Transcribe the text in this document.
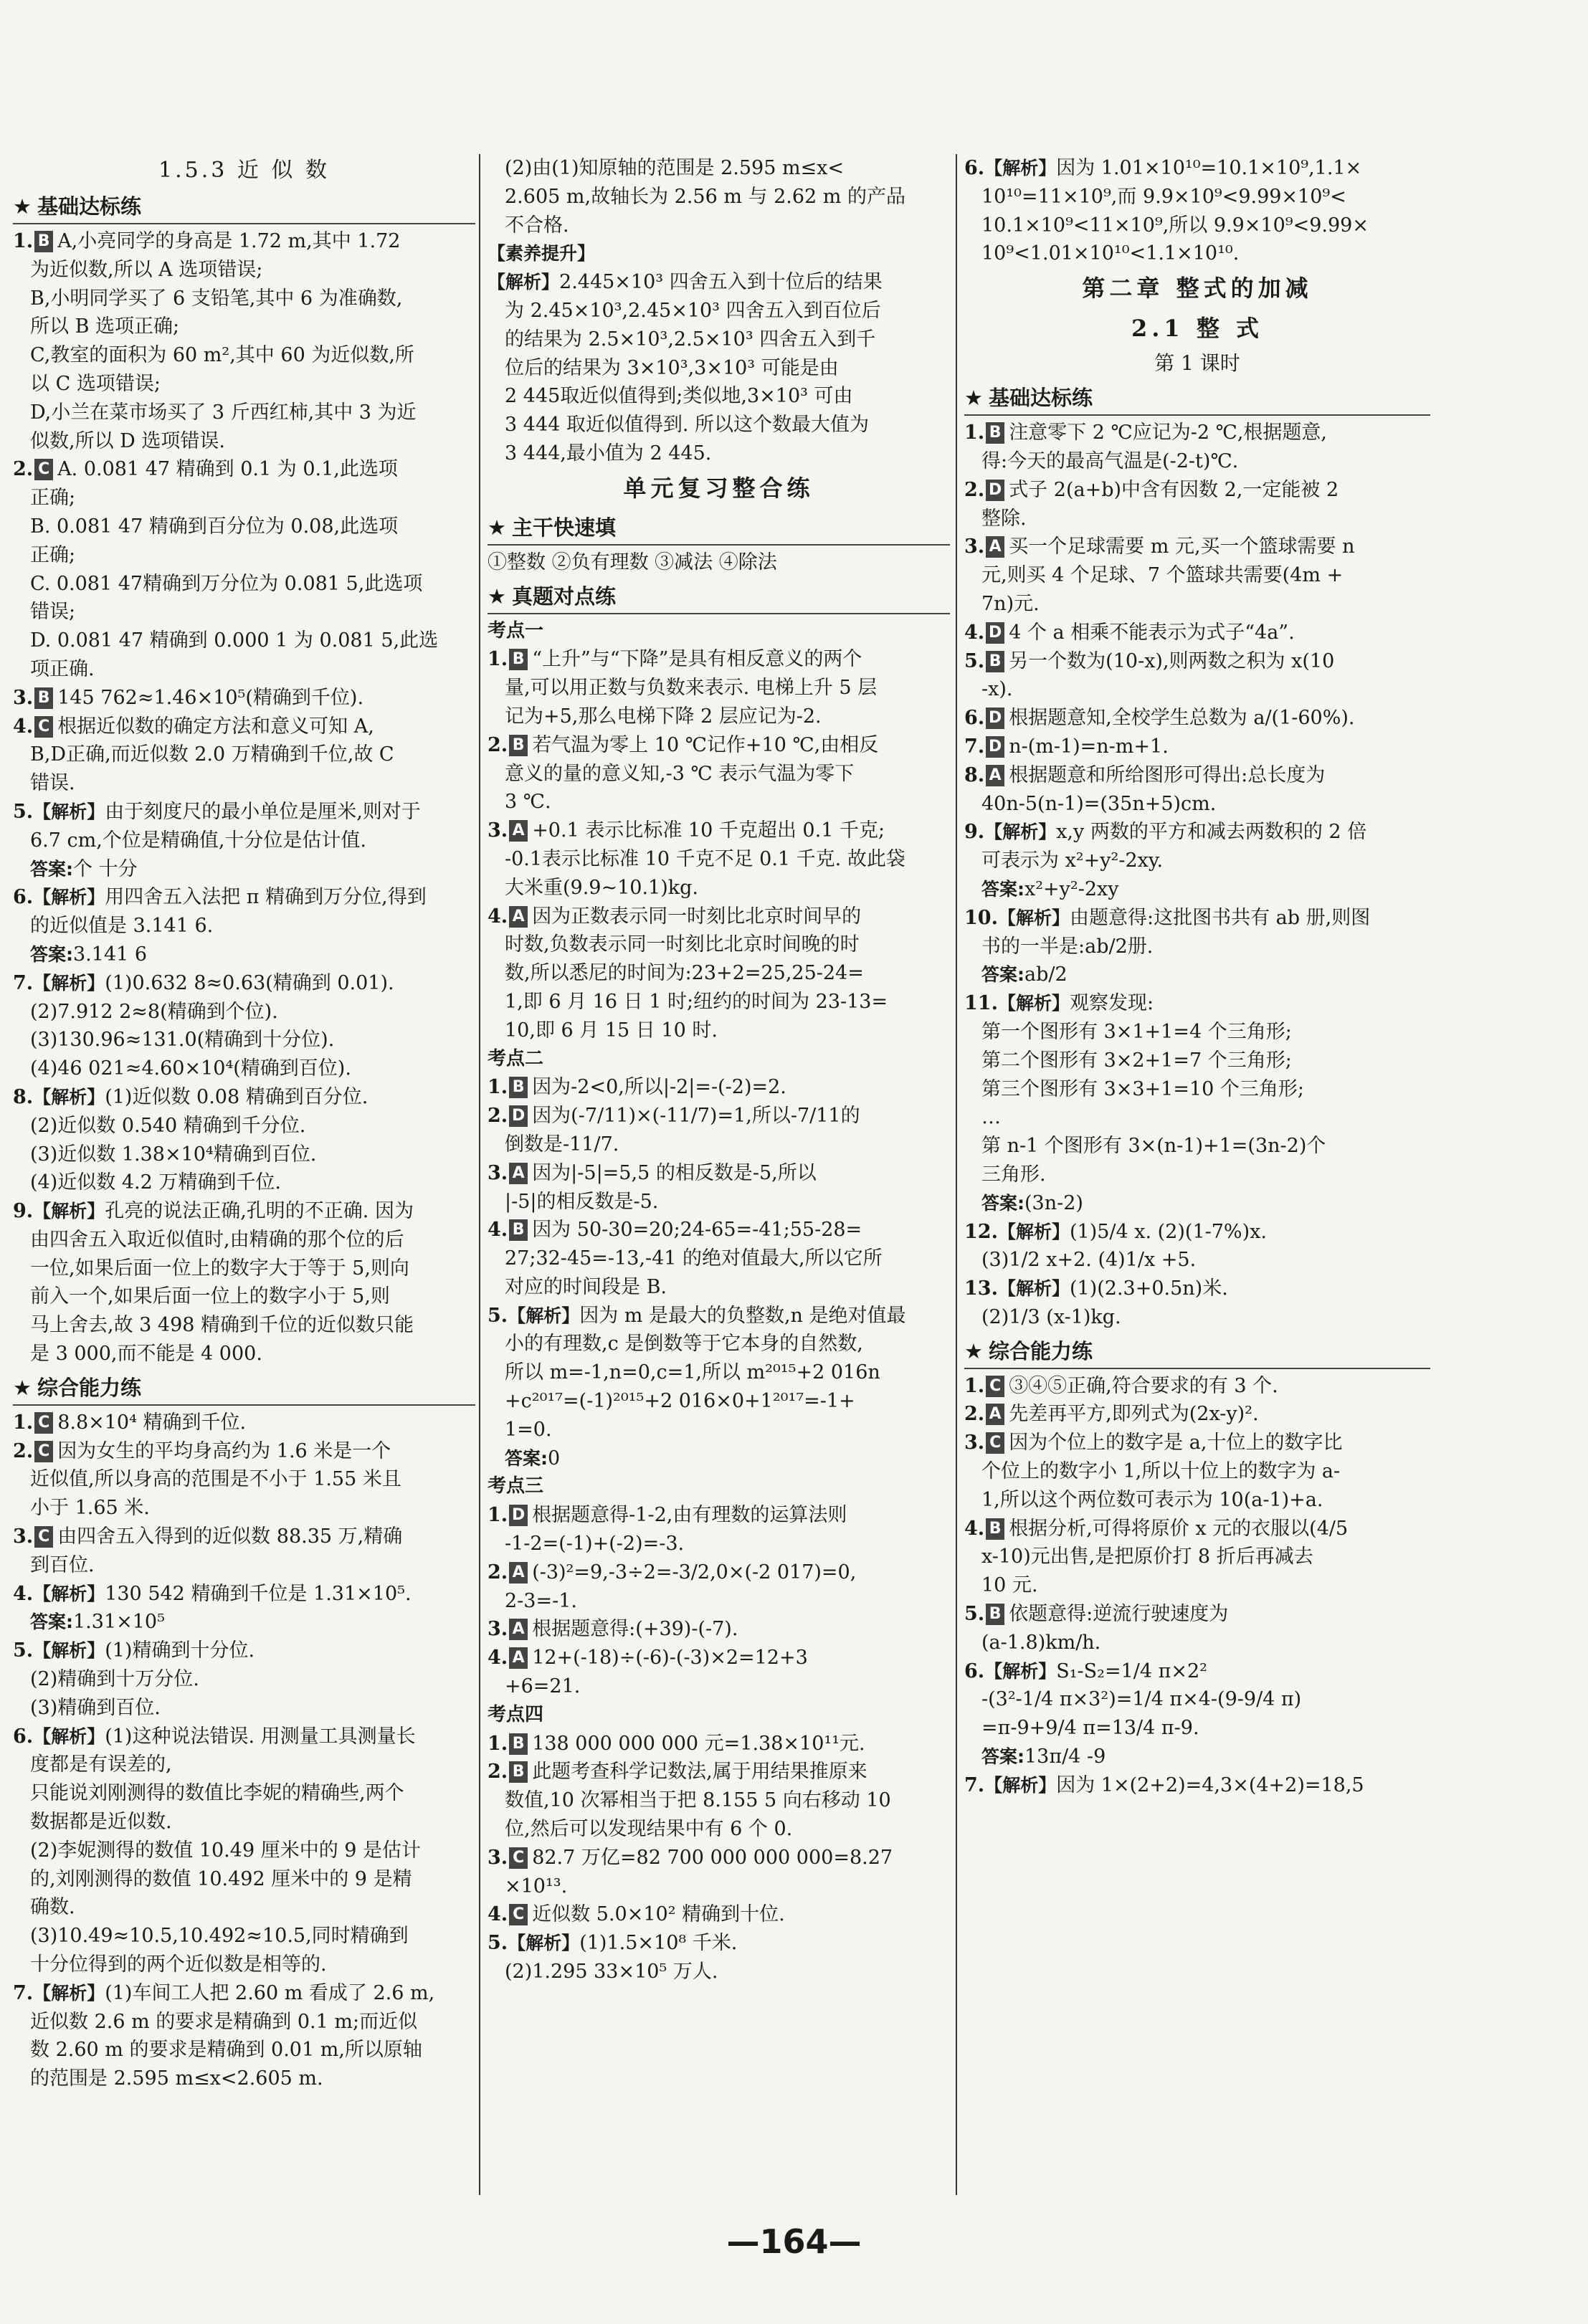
1.5.3 近 似 数
★ 基础达标练
1. B A,小亮同学的身高是 1.72 m,其中 1.72
为近似数,所以 A 选项错误;
B,小明同学买了 6 支铅笔,其中 6 为准确数,
所以 B 选项正确;
C,教室的面积为 60 m²,其中 60 为近似数,所
以 C 选项错误;
D,小兰在菜市场买了 3 斤西红柿,其中 3 为近
似数,所以 D 选项错误.
2. C A. 0.081 47 精确到 0.1 为 0.1,此选项
正确;
B. 0.081 47 精确到百分位为 0.08,此选项
正确;
C. 0.081 47精确到万分位为 0.081 5,此选项
错误;
D. 0.081 47 精确到 0.000 1 为 0.081 5,此选
项正确.
3. B 145 762≈1.46×10⁵(精确到千位).
4. C 根据近似数的确定方法和意义可知 A,
B,D正确,而近似数 2.0 万精确到千位,故 C
错误.
5.【解析】由于刻度尺的最小单位是厘米,则对于
6.7 cm,个位是精确值,十分位是估计值.
答案:个 十分
6.【解析】用四舍五入法把 π 精确到万分位,得到
的近似值是 3.141 6.
答案:3.141 6
7.【解析】(1)0.632 8≈0.63(精确到 0.01).
(2)7.912 2≈8(精确到个位).
(3)130.96≈131.0(精确到十分位).
(4)46 021≈4.60×10⁴(精确到百位).
8.【解析】(1)近似数 0.08 精确到百分位.
(2)近似数 0.540 精确到千分位.
(3)近似数 1.38×10⁴精确到百位.
(4)近似数 4.2 万精确到千位.
9.【解析】孔亮的说法正确,孔明的不正确. 因为
由四舍五入取近似值时,由精确的那个位的后
一位,如果后面一位上的数字大于等于 5,则向
前入一个,如果后面一位上的数字小于 5,则
马上舍去,故 3 498 精确到千位的近似数只能
是 3 000,而不能是 4 000.
★ 综合能力练
1. C 8.8×10⁴ 精确到千位.
2. C 因为女生的平均身高约为 1.6 米是一个
近似值,所以身高的范围是不小于 1.55 米且
小于 1.65 米.
3. C 由四舍五入得到的近似数 88.35 万,精确
到百位.
4.【解析】130 542 精确到千位是 1.31×10⁵.
答案:1.31×10⁵
5.【解析】(1)精确到十分位.
(2)精确到十万分位.
(3)精确到百位.
6.【解析】(1)这种说法错误. 用测量工具测量长
度都是有误差的,
只能说刘刚测得的数值比李妮的精确些,两个
数据都是近似数.
(2)李妮测得的数值 10.49 厘米中的 9 是估计
的,刘刚测得的数值 10.492 厘米中的 9 是精
确数.
(3)10.49≈10.5,10.492≈10.5,同时精确到
十分位得到的两个近似数是相等的.
7.【解析】(1)车间工人把 2.60 m 看成了 2.6 m,
近似数 2.6 m 的要求是精确到 0.1 m;而近似
数 2.60 m 的要求是精确到 0.01 m,所以原轴
的范围是 2.595 m≤x<2.605 m.
(2)由(1)知原轴的范围是 2.595 m≤x<
2.605 m,故轴长为 2.56 m 与 2.62 m 的产品
不合格.
【素养提升】
【解析】2.445×10³ 四舍五入到十位后的结果
为 2.45×10³,2.45×10³ 四舍五入到百位后
的结果为 2.5×10³,2.5×10³ 四舍五入到千
位后的结果为 3×10³,3×10³ 可能是由
2 445取近似值得到;类似地,3×10³ 可由
3 444 取近似值得到. 所以这个数最大值为
3 444,最小值为 2 445.
单元复习整合练
★ 主干快速填
①整数 ②负有理数 ③减法 ④除法
★ 真题对点练
考点一
1. B “上升”与“下降”是具有相反意义的两个
量,可以用正数与负数来表示. 电梯上升 5 层
记为+5,那么电梯下降 2 层应记为-2.
2. B 若气温为零上 10 ℃记作+10 ℃,由相反
意义的量的意义知,-3 ℃ 表示气温为零下
3 ℃.
3. A +0.1 表示比标准 10 千克超出 0.1 千克;
-0.1表示比标准 10 千克不足 0.1 千克. 故此袋
大米重(9.9~10.1)kg.
4. A 因为正数表示同一时刻比北京时间早的
时数,负数表示同一时刻比北京时间晚的时
数,所以悉尼的时间为:23+2=25,25-24=
1,即 6 月 16 日 1 时;纽约的时间为 23-13=
10,即 6 月 15 日 10 时.
考点二
1. B 因为-2<0,所以|-2|=-(-2)=2.
2. D 因为(-7/11)×(-11/7)=1,所以-7/11的
倒数是-11/7.
3. A 因为|-5|=5,5 的相反数是-5,所以
|-5|的相反数是-5.
4. B 因为 50-30=20;24-65=-41;55-28=
27;32-45=-13,-41 的绝对值最大,所以它所
对应的时间段是 B.
5.【解析】因为 m 是最大的负整数,n 是绝对值最
小的有理数,c 是倒数等于它本身的自然数,
所以 m=-1,n=0,c=1,所以 m²⁰¹⁵+2 016n
+c²⁰¹⁷=(-1)²⁰¹⁵+2 016×0+1²⁰¹⁷=-1+
1=0.
答案:0
考点三
1. D 根据题意得-1-2,由有理数的运算法则
-1-2=(-1)+(-2)=-3.
2. A (-3)²=9,-3÷2=-3/2,0×(-2 017)=0,
2-3=-1.
3. A 根据题意得:(+39)-(-7).
4. A 12+(-18)÷(-6)-(-3)×2=12+3
+6=21.
考点四
1. B 138 000 000 000 元=1.38×10¹¹元.
2. B 此题考查科学记数法,属于用结果推原来
数值,10 次幂相当于把 8.155 5 向右移动 10
位,然后可以发现结果中有 6 个 0.
3. C 82.7 万亿=82 700 000 000 000=8.27
×10¹³.
4. C 近似数 5.0×10² 精确到十位.
5.【解析】(1)1.5×10⁸ 千米.
(2)1.295 33×10⁵ 万人.
6.【解析】因为 1.01×10¹⁰=10.1×10⁹,1.1×
10¹⁰=11×10⁹,而 9.9×10⁹<9.99×10⁹<
10.1×10⁹<11×10⁹,所以 9.9×10⁹<9.99×
10⁹<1.01×10¹⁰<1.1×10¹⁰.
第二章 整式的加减
2.1 整 式
第 1 课时
★ 基础达标练
1. B 注意零下 2 ℃应记为-2 ℃,根据题意,
得:今天的最高气温是(-2-t)℃.
2. D 式子 2(a+b)中含有因数 2,一定能被 2
整除.
3. A 买一个足球需要 m 元,买一个篮球需要 n
元,则买 4 个足球、7 个篮球共需要(4m +
7n)元.
4. D 4 个 a 相乘不能表示为式子“4a”.
5. B 另一个数为(10-x),则两数之积为 x(10
-x).
6. D 根据题意知,全校学生总数为 a/(1-60%).
7. D n-(m-1)=n-m+1.
8. A 根据题意和所给图形可得出:总长度为
40n-5(n-1)=(35n+5)cm.
9.【解析】x,y 两数的平方和减去两数积的 2 倍
可表示为 x²+y²-2xy.
答案:x²+y²-2xy
10.【解析】由题意得:这批图书共有 ab 册,则图
书的一半是:ab/2册.
答案:ab/2
11.【解析】观察发现:
第一个图形有 3×1+1=4 个三角形;
第二个图形有 3×2+1=7 个三角形;
第三个图形有 3×3+1=10 个三角形;
…
第 n-1 个图形有 3×(n-1)+1=(3n-2)个
三角形.
答案:(3n-2)
12.【解析】(1)5/4 x. (2)(1-7%)x.
(3)1/2 x+2. (4)1/x +5.
13.【解析】(1)(2.3+0.5n)米.
(2)1/3 (x-1)kg.
★ 综合能力练
1. C ③④⑤正确,符合要求的有 3 个.
2. A 先差再平方,即列式为(2x-y)².
3. C 因为个位上的数字是 a,十位上的数字比
个位上的数字小 1,所以十位上的数字为 a-
1,所以这个两位数可表示为 10(a-1)+a.
4. B 根据分析,可得将原价 x 元的衣服以(4/5
x-10)元出售,是把原价打 8 折后再减去
10 元.
5. B 依题意得:逆流行驶速度为
(a-1.8)km/h.
6.【解析】S₁-S₂=1/4 π×2²
-(3²-1/4 π×3²)=1/4 π×4-(9-9/4 π)
=π-9+9/4 π=13/4 π-9.
答案:13π/4 -9
7.【解析】因为 1×(2+2)=4,3×(4+2)=18,5
—164—
